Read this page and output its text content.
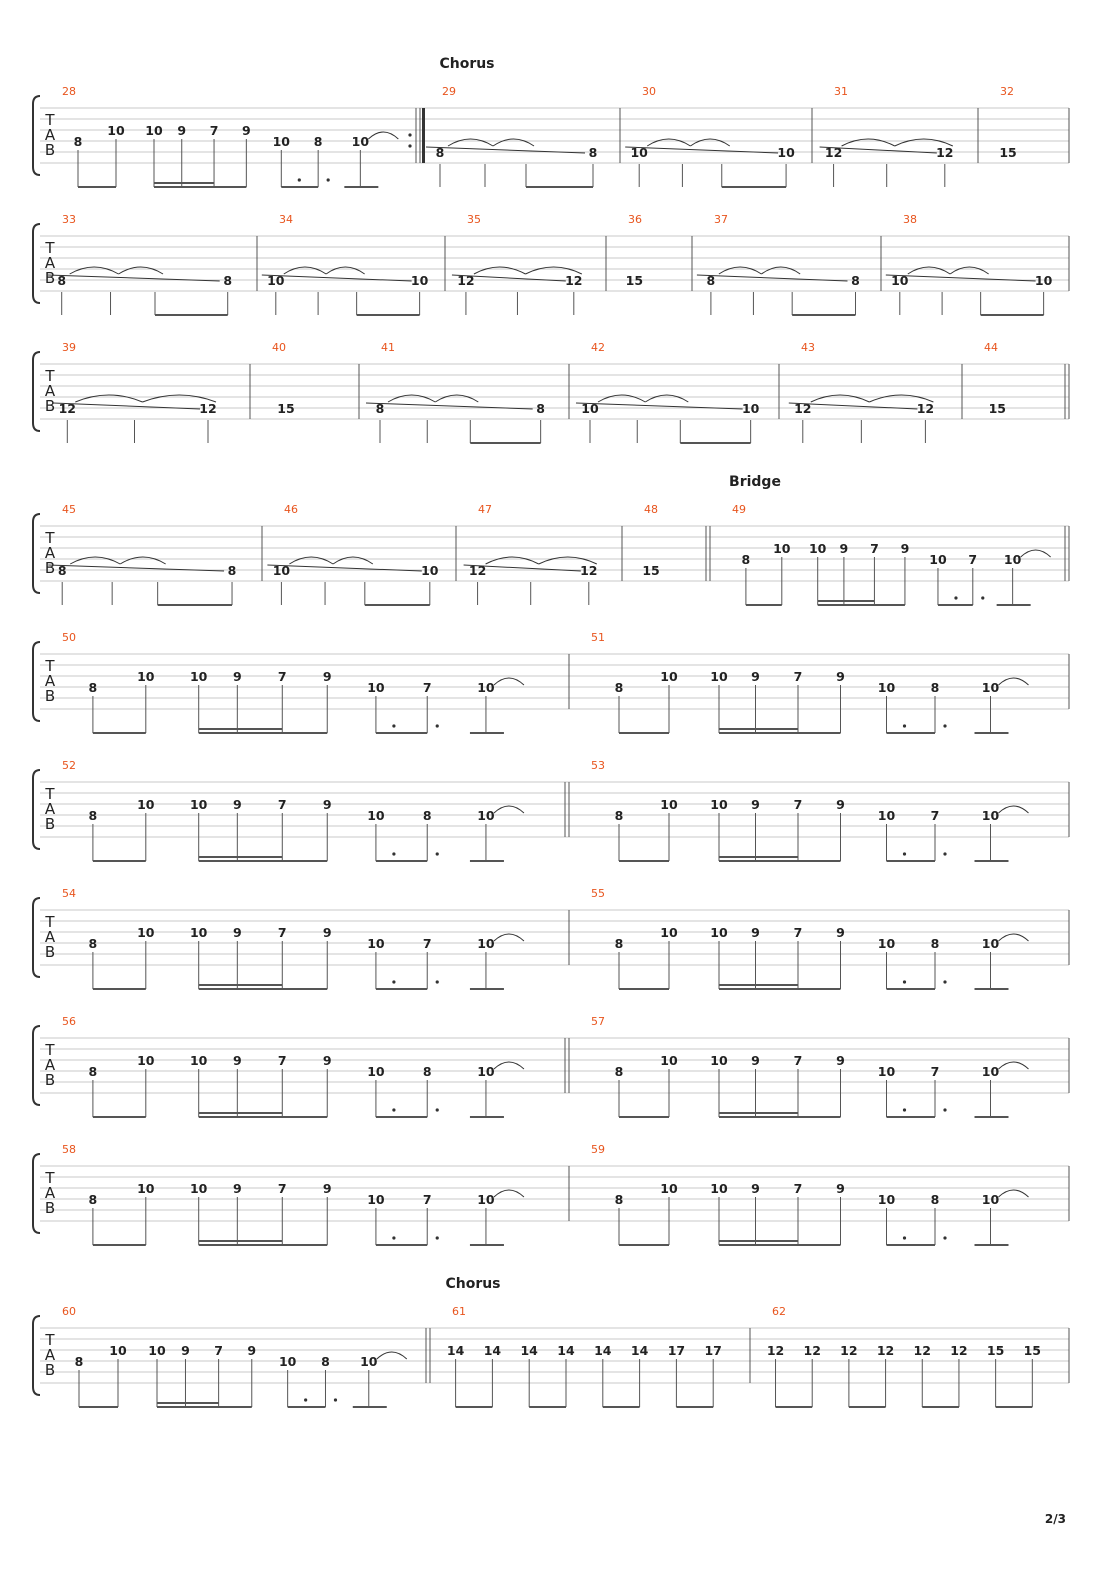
Chorus
T
A
B
28
8
10 10 9 7 9
10 8 10
29
8	8
30
10	10
31
12	12
32
15
T
A
B
33
8	8
34
10	10
35
12	12
36
15
37
8	8
38
10	10
T
A
B
39
12	12
40
15
41
8	8
42
10	10
43
12	12
44
15
Bridge
T
A
B
45
8	8
46
10	10
47
12	12
48
15
49
8
10 10 9 7 9
10 7 10
T
A
B
50
8
10	10 9	7	9
10	7	10
51
8
10	10 9	7	9
10	8	10
T
A
B
52
8
10	10 9	7	9
10	8	10
53
8
10	10 9	7	9
10	7	10
T
A
B
54
8
10	10 9	7	9
10	7	10
55
8
10	10 9	7	9
10	8	10
T
A
B
56
8
10	10 9	7	9
10	8	10
57
8
10	10 9	7	9
10	7	10
T
A
B
58
8
10	10 9	7	9
10	7	10
59
8
10	10 9	7	9
10	8	10
Chorus
T
A
B
60
8
10 10 9 7 9
10 8 10
61
14 14 14 14 14 14 17 17
62
12 12 12 12 12 12 15 15
2/3
